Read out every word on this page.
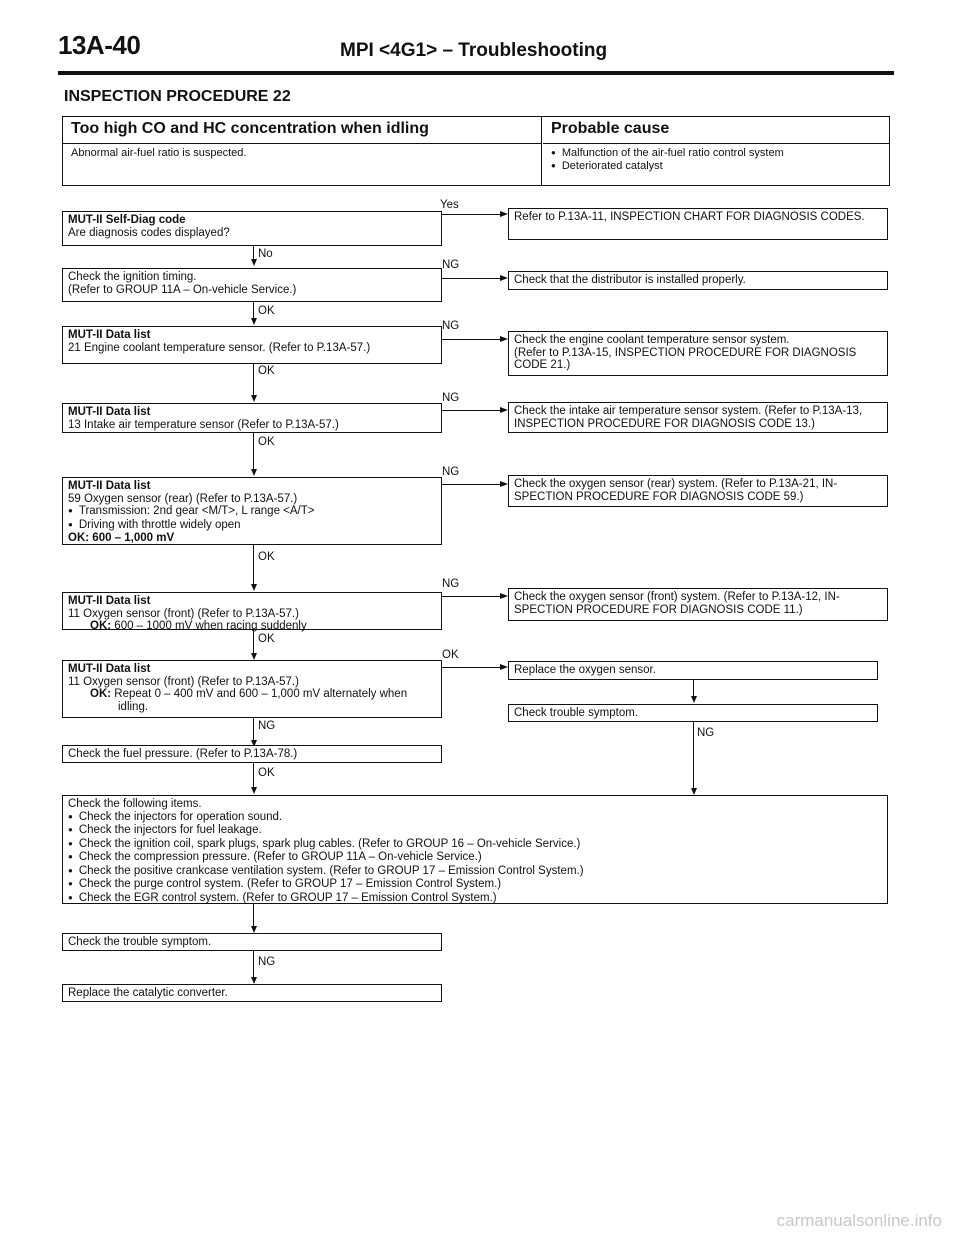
13A-40	MPI <4G1> – Troubleshooting
INSPECTION PROCEDURE 22
Too high CO and HC concentration when idling
Abnormal air-fuel ratio is suspected.
Probable cause
● Malfunction of the air-fuel ratio control system
● Deteriorated catalyst
MUT-II Self-Diag code
Are diagnosis codes displayed?
Yes
Refer to P.13A-11, INSPECTION CHART FOR DIAGNOSIS CODES.
No
Check the ignition timing.
(Refer to GROUP 11A – On-vehicle Service.)
NG
Check that the distributor is installed properly.
OK
MUT-II Data list
21 Engine coolant temperature sensor. (Refer to P.13A-57.)
NG
Check the engine coolant temperature sensor system.
(Refer to P.13A-15, INSPECTION PROCEDURE FOR DIAGNOSIS
CODE 21.)
OK
MUT-II Data list
13 Intake air temperature sensor (Refer to P.13A-57.)
NG
Check the intake air temperature sensor system. (Refer to P.13A-13,
INSPECTION PROCEDURE FOR DIAGNOSIS CODE 13.)
OK
MUT-II Data list
59 Oxygen sensor (rear) (Refer to P.13A-57.)
● Transmission: 2nd gear <M/T>, L range <A/T>
● Driving with throttle widely open
OK: 600 – 1,000 mV
NG
Check the oxygen sensor (rear) system. (Refer to P.13A-21, IN-
SPECTION PROCEDURE FOR DIAGNOSIS CODE 59.)
OK
MUT-II Data list
11 Oxygen sensor (front) (Refer to P.13A-57.)
OK: 600 – 1000 mV when racing suddenly
NG
Check the oxygen sensor (front) system. (Refer to P.13A-12, IN-
SPECTION PROCEDURE FOR DIAGNOSIS CODE 11.)
OK
MUT-II Data list
11 Oxygen sensor (front) (Refer to P.13A-57.)
OK: Repeat 0 – 400 mV and 600 – 1,000 mV alternately when
idling.
OK
Replace the oxygen sensor.
Check trouble symptom.
NG
NG
Check the fuel pressure. (Refer to P.13A-78.)
OK
Check the following items.
● Check the injectors for operation sound.
● Check the injectors for fuel leakage.
● Check the ignition coil, spark plugs, spark plug cables. (Refer to GROUP 16 – On-vehicle Service.)
● Check the compression pressure. (Refer to GROUP 11A – On-vehicle Service.)
● Check the positive crankcase ventilation system. (Refer to GROUP 17 – Emission Control System.)
● Check the purge control system. (Refer to GROUP 17 – Emission Control System.)
● Check the EGR control system. (Refer to GROUP 17 – Emission Control System.)
Check the trouble symptom.
NG
Replace the catalytic converter.
carmanualsonline.info
